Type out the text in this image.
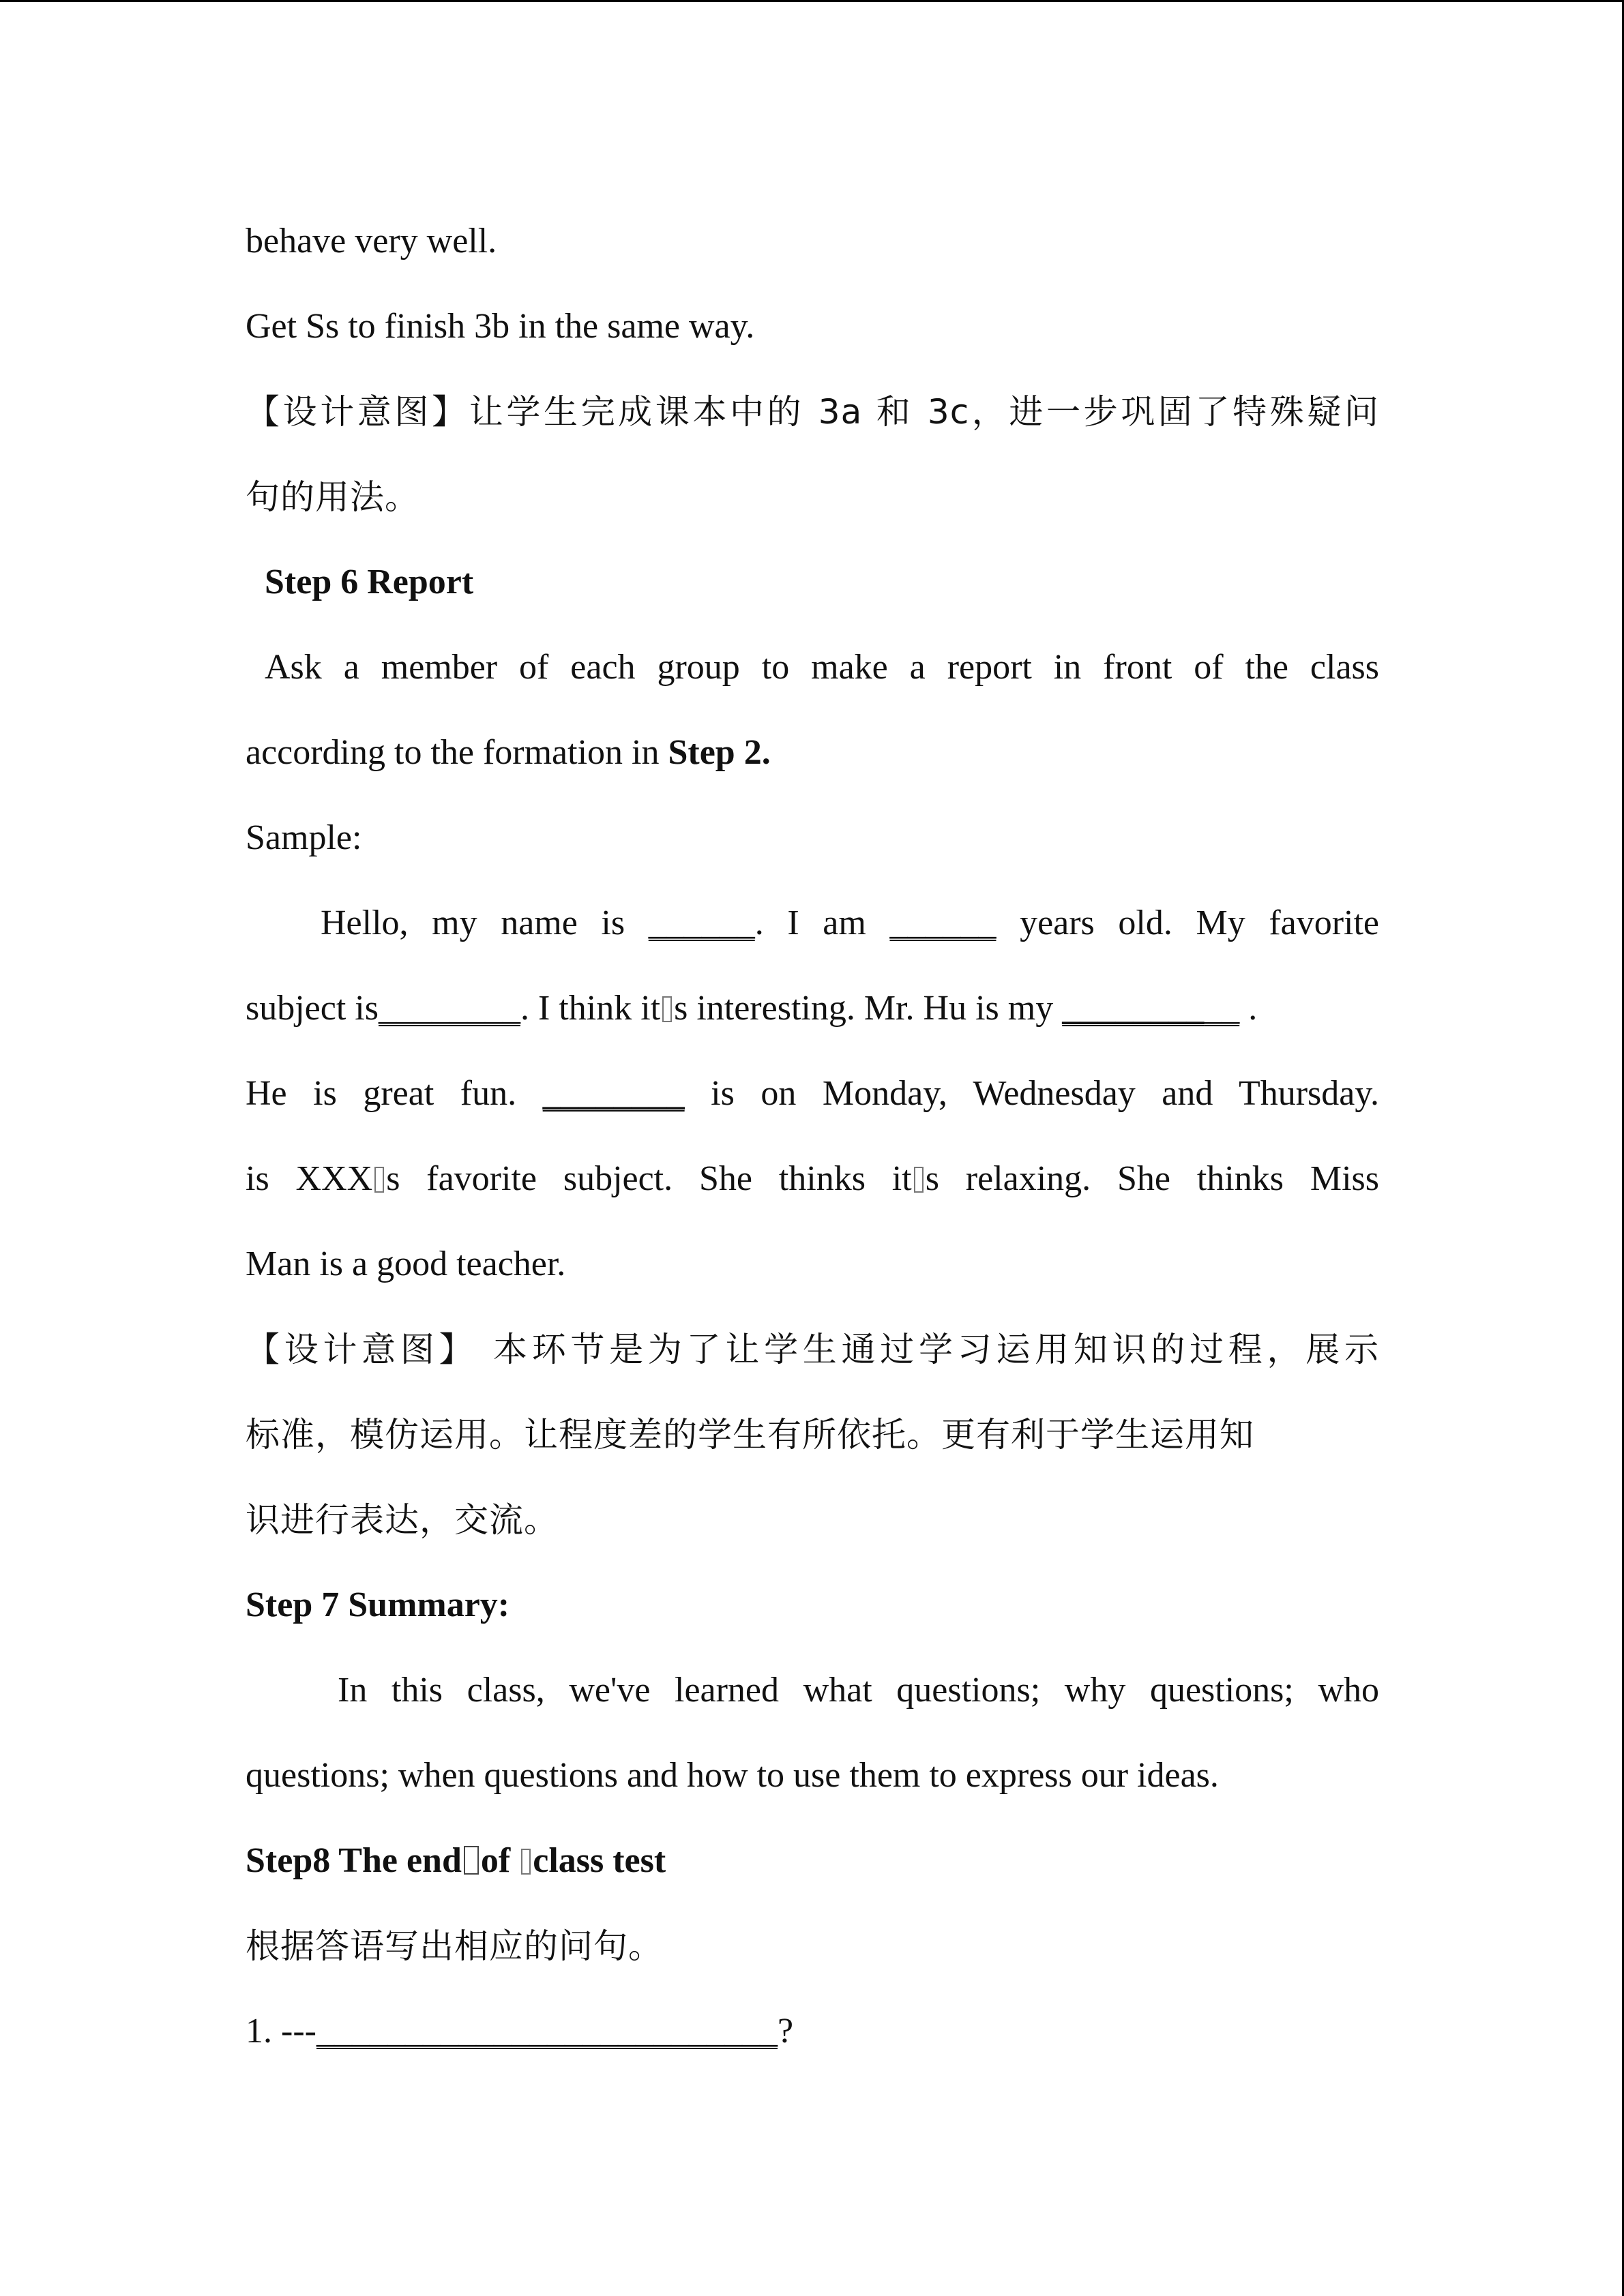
behave very well.
Get Ss to finish 3b in the same way.
【设计意图】让学生完成课本中的 3a 和 3c，进一步巩固了特殊疑问
句的用法。
Step 6 Report
Ask a member of each group to make a report in front of the class
according to the formation in Step 2.
Sample:
Hello, my name is ______. I am ______ years old. My favorite
subject is________. I think it s interesting. Mr. Hu is my __________ .
He is great fun. ________ is on Monday, Wednesday and Thursday.
is XXX s favorite subject. She thinks it s relaxing. She thinks Miss
Man is a good teacher.
【设计意图】 本环节是为了让学生通过学习运用知识的过程，展示
标准，模仿运用。让程度差的学生有所依托。更有利于学生运用知
识进行表达，交流。
Step 7 Summary:
In this class, we've learned what questions; why questions; who
questions; when questions and how to use them to express our ideas.
Step8 The end of class test
根据答语写出相应的问句。
1. ---__________________________?
